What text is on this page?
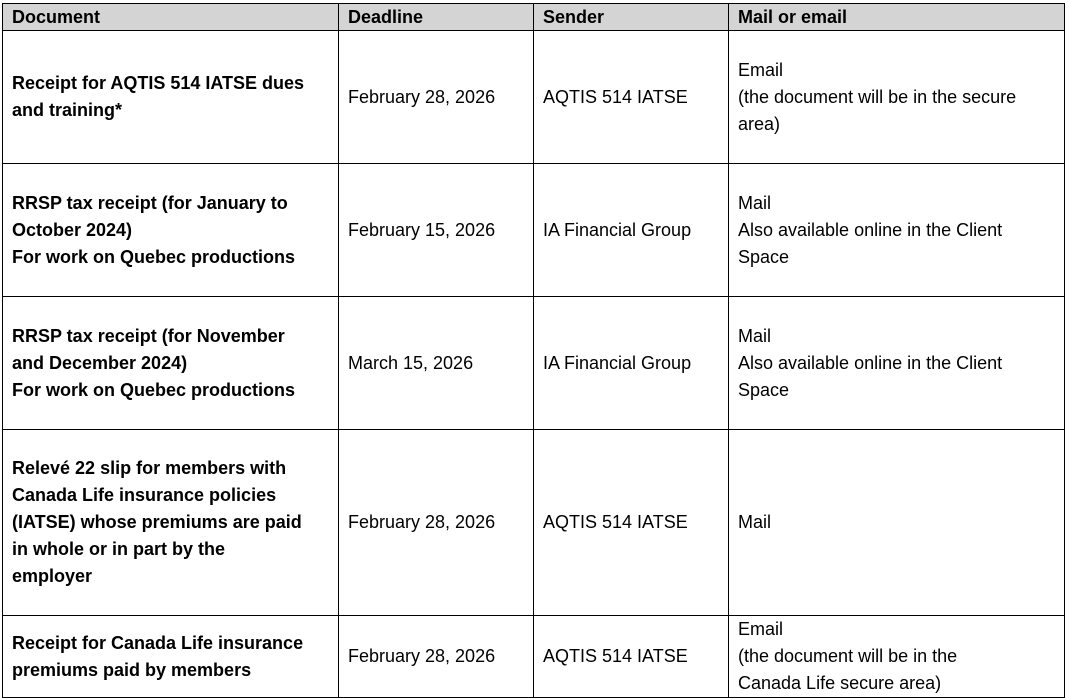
Document	Deadline	Sender	Mail or email

Receipt for AQTIS 514 IATSE dues
and training*	February 28, 2026	AQTIS 514 IATSE	Email
(the document will be in the secure
area)

RRSP tax receipt (for January to
October 2024)
For work on Quebec productions	February 15, 2026	IA Financial Group	Mail
Also available online in the Client
Space

RRSP tax receipt (for November
and December 2024)
For work on Quebec productions	March 15, 2026	IA Financial Group	Mail
Also available online in the Client
Space

Relevé 22 slip for members with
Canada Life insurance policies
(IATSE) whose premiums are paid
in whole or in part by the
employer	February 28, 2026	AQTIS 514 IATSE	Mail

Receipt for Canada Life insurance
premiums paid by members	February 28, 2026	AQTIS 514 IATSE	Email
(the document will be in the
Canada Life secure area)
